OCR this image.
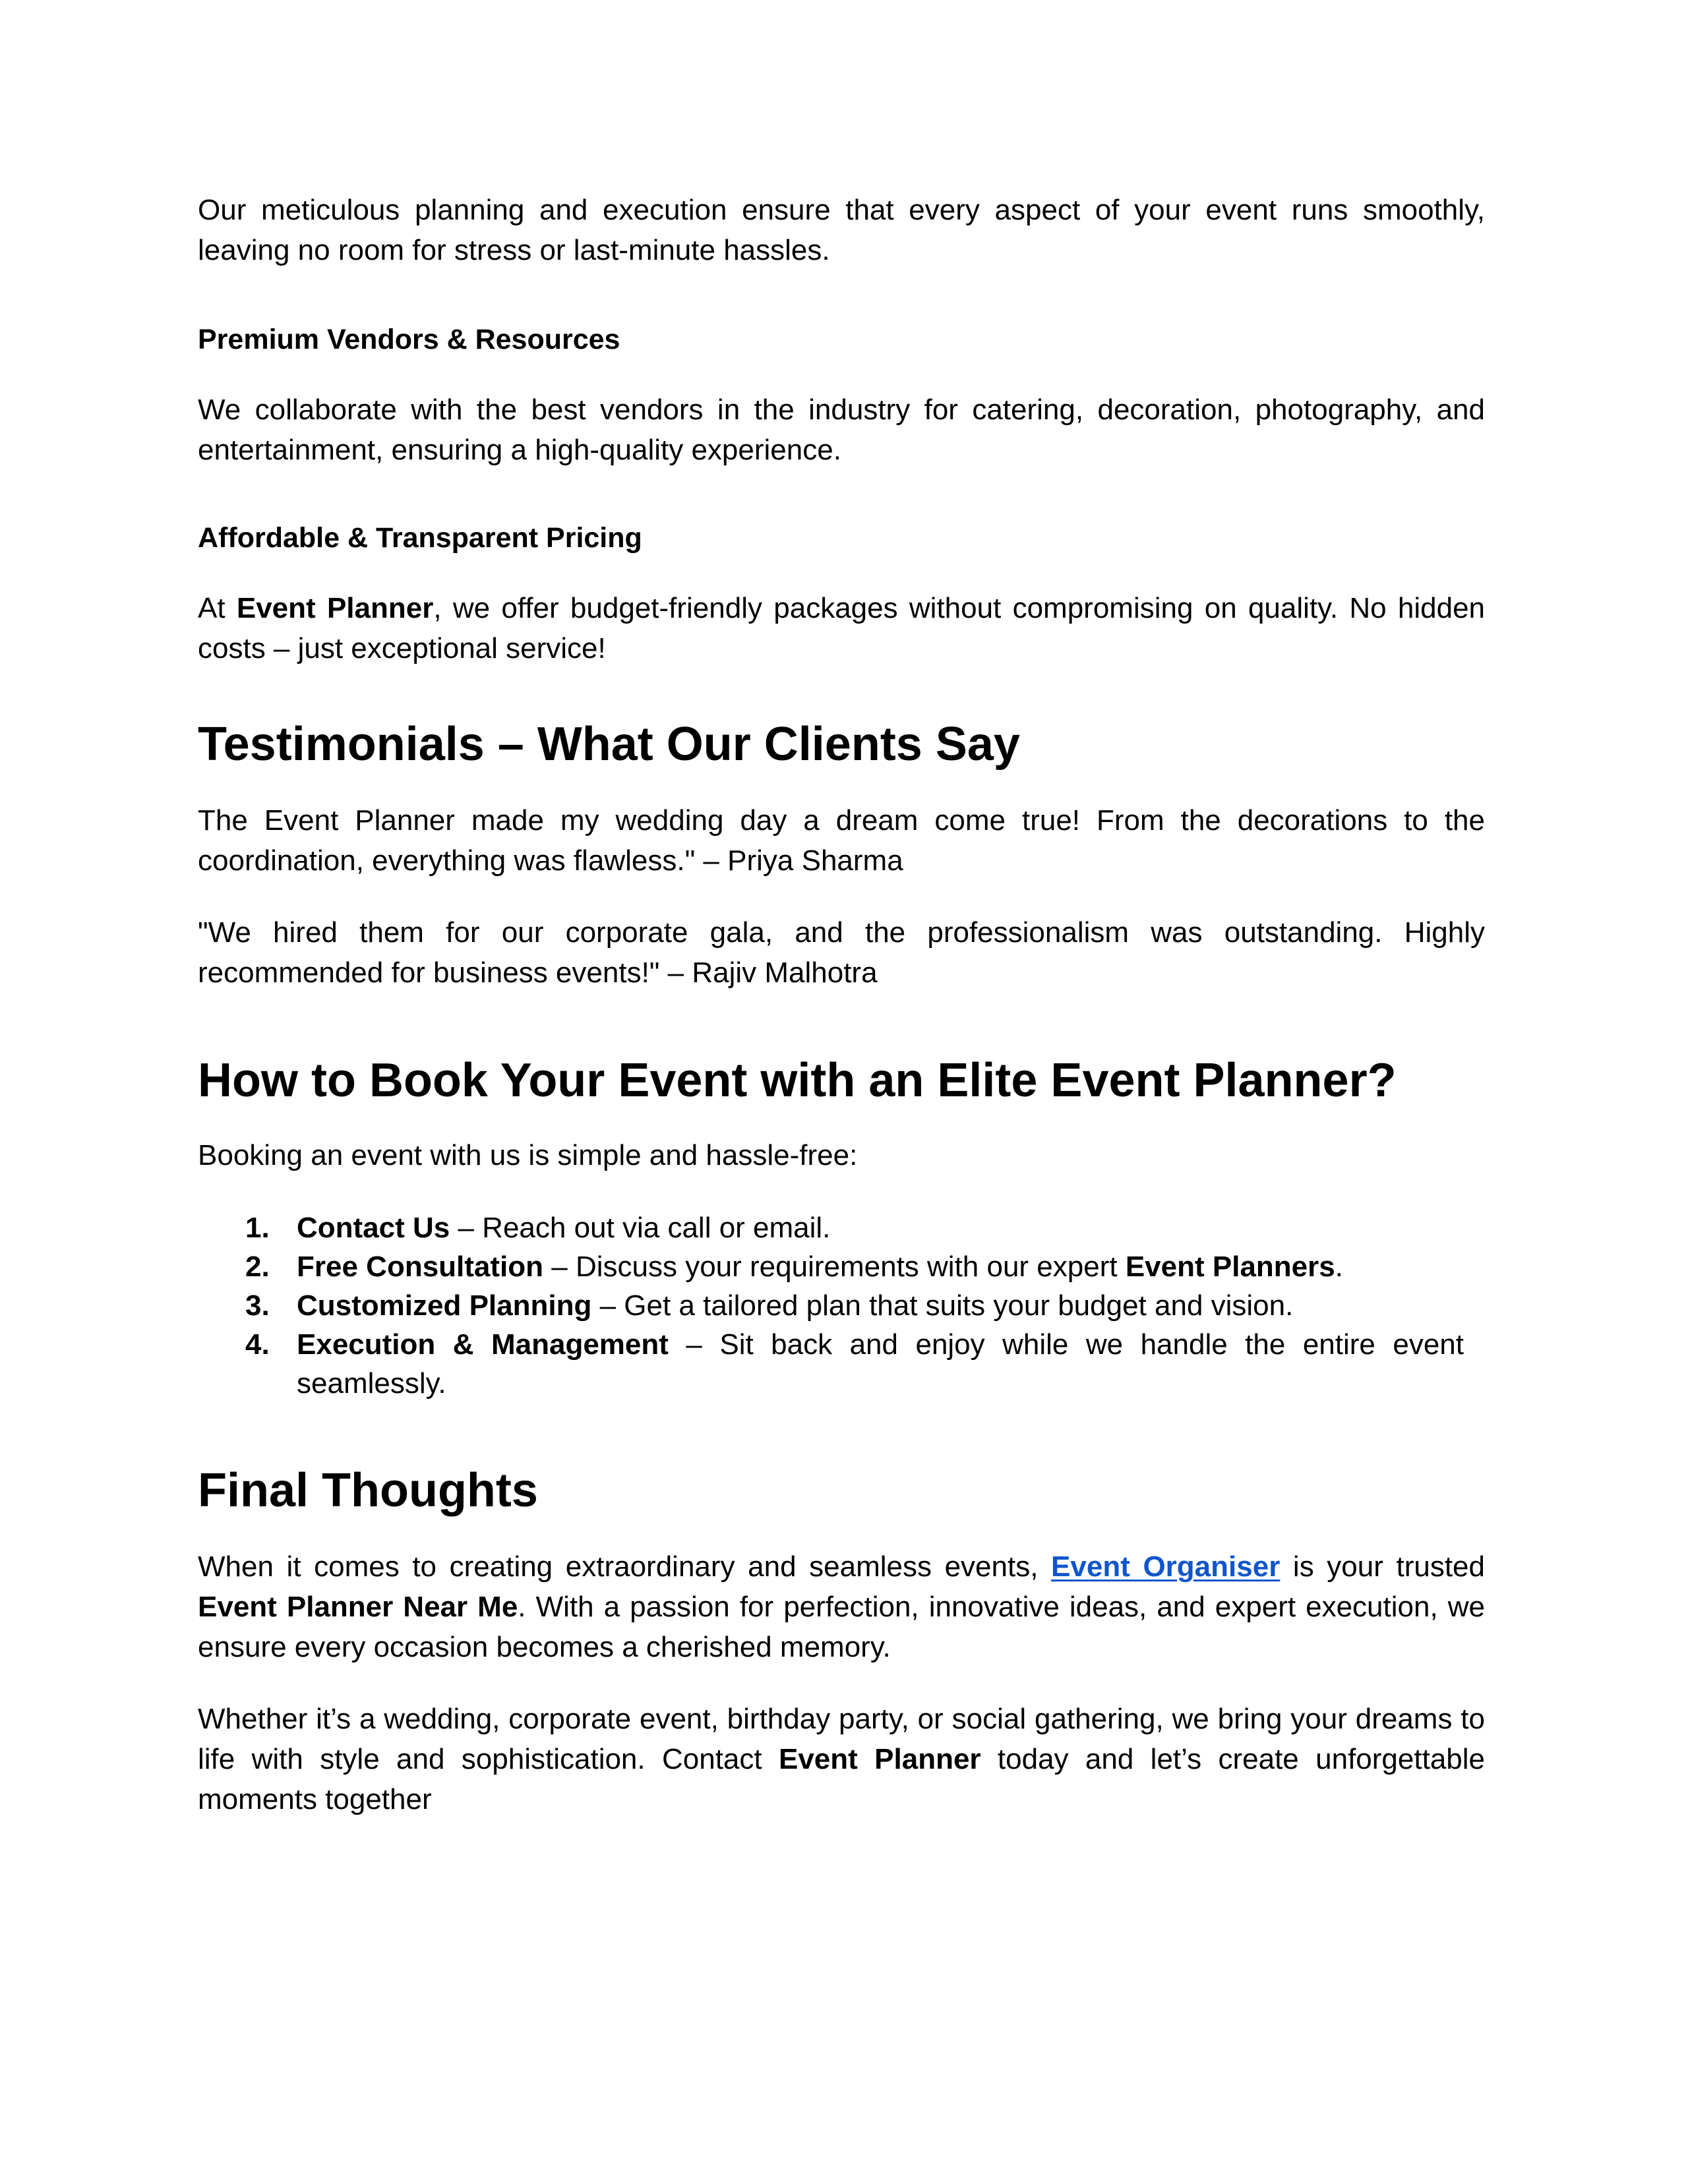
Our meticulous planning and execution ensure that every aspect of your event runs smoothly, leaving no room for stress or last-minute hassles.

Premium Vendors & Resources

We collaborate with the best vendors in the industry for catering, decoration, photography, and entertainment, ensuring a high-quality experience.

Affordable & Transparent Pricing

At Event Planner, we offer budget-friendly packages without compromising on quality. No hidden costs – just exceptional service!

Testimonials – What Our Clients Say

The Event Planner made my wedding day a dream come true! From the decorations to the coordination, everything was flawless." – Priya Sharma

"We hired them for our corporate gala, and the professionalism was outstanding. Highly recommended for business events!" – Rajiv Malhotra

How to Book Your Event with an Elite Event Planner?

Booking an event with us is simple and hassle-free:

1. Contact Us – Reach out via call or email.
2. Free Consultation – Discuss your requirements with our expert Event Planners.
3. Customized Planning – Get a tailored plan that suits your budget and vision.
4. Execution & Management – Sit back and enjoy while we handle the entire event seamlessly.
Final Thoughts

When it comes to creating extraordinary and seamless events, Event Organiser is your trusted Event Planner Near Me. With a passion for perfection, innovative ideas, and expert execution, we ensure every occasion becomes a cherished memory.

Whether it’s a wedding, corporate event, birthday party, or social gathering, we bring your dreams to life with style and sophistication. Contact Event Planner today and let’s create unforgettable moments together
